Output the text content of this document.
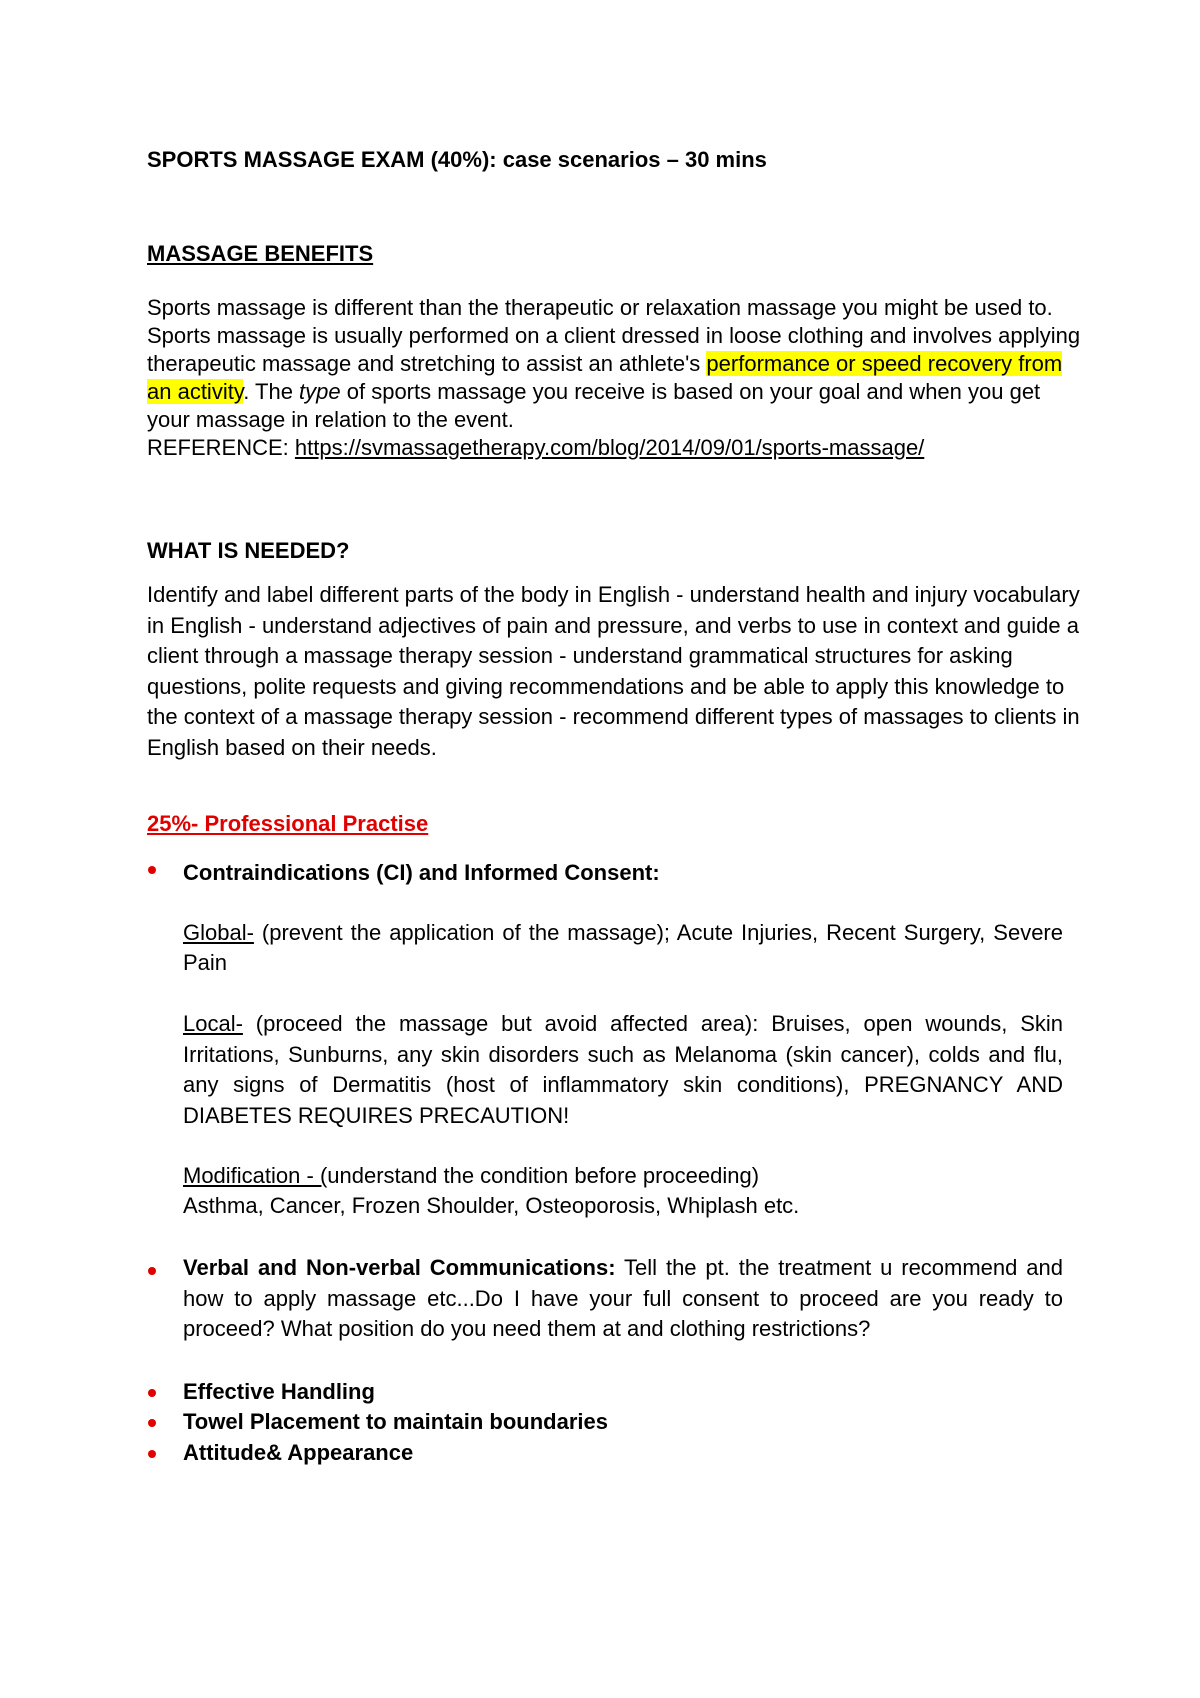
SPORTS MASSAGE EXAM (40%): case scenarios – 30 mins
MASSAGE BENEFITS

Sports massage is different than the therapeutic or relaxation massage you might be used to. Sports massage is usually performed on a client dressed in loose clothing and involves applying therapeutic massage and stretching to assist an athlete's performance or speed recovery from an activity. The type of sports massage you receive is based on your goal and when you get your massage in relation to the event.
REFERENCE: https://svmassagetherapy.com/blog/2014/09/01/sports-massage/

WHAT IS NEEDED?

Identify and label different parts of the body in English - understand health and injury vocabulary in English - understand adjectives of pain and pressure, and verbs to use in context and guide a client through a massage therapy session - understand grammatical structures for asking questions, polite requests and giving recommendations and be able to apply this knowledge to the context of a massage therapy session - recommend different types of massages to clients in English based on their needs.

25%- Professional Practise
Contraindications (CI) and Informed Consent:

Global- (prevent the application of the massage); Acute Injuries, Recent Surgery, Severe Pain

Local- (proceed the massage but avoid affected area): Bruises, open wounds, Skin Irritations, Sunburns, any skin disorders such as Melanoma (skin cancer), colds and flu, any signs of Dermatitis (host of inflammatory skin conditions), PREGNANCY AND DIABETES REQUIRES PRECAUTION!

Modification - (understand the condition before proceeding)
Asthma, Cancer, Frozen Shoulder, Osteoporosis, Whiplash etc.

Verbal and Non-verbal Communications: Tell the pt. the treatment u recommend and how to apply massage etc...Do I have your full consent to proceed are you ready to proceed? What position do you need them at and clothing restrictions?

Effective Handling
Towel Placement to maintain boundaries
Attitude& Appearance
